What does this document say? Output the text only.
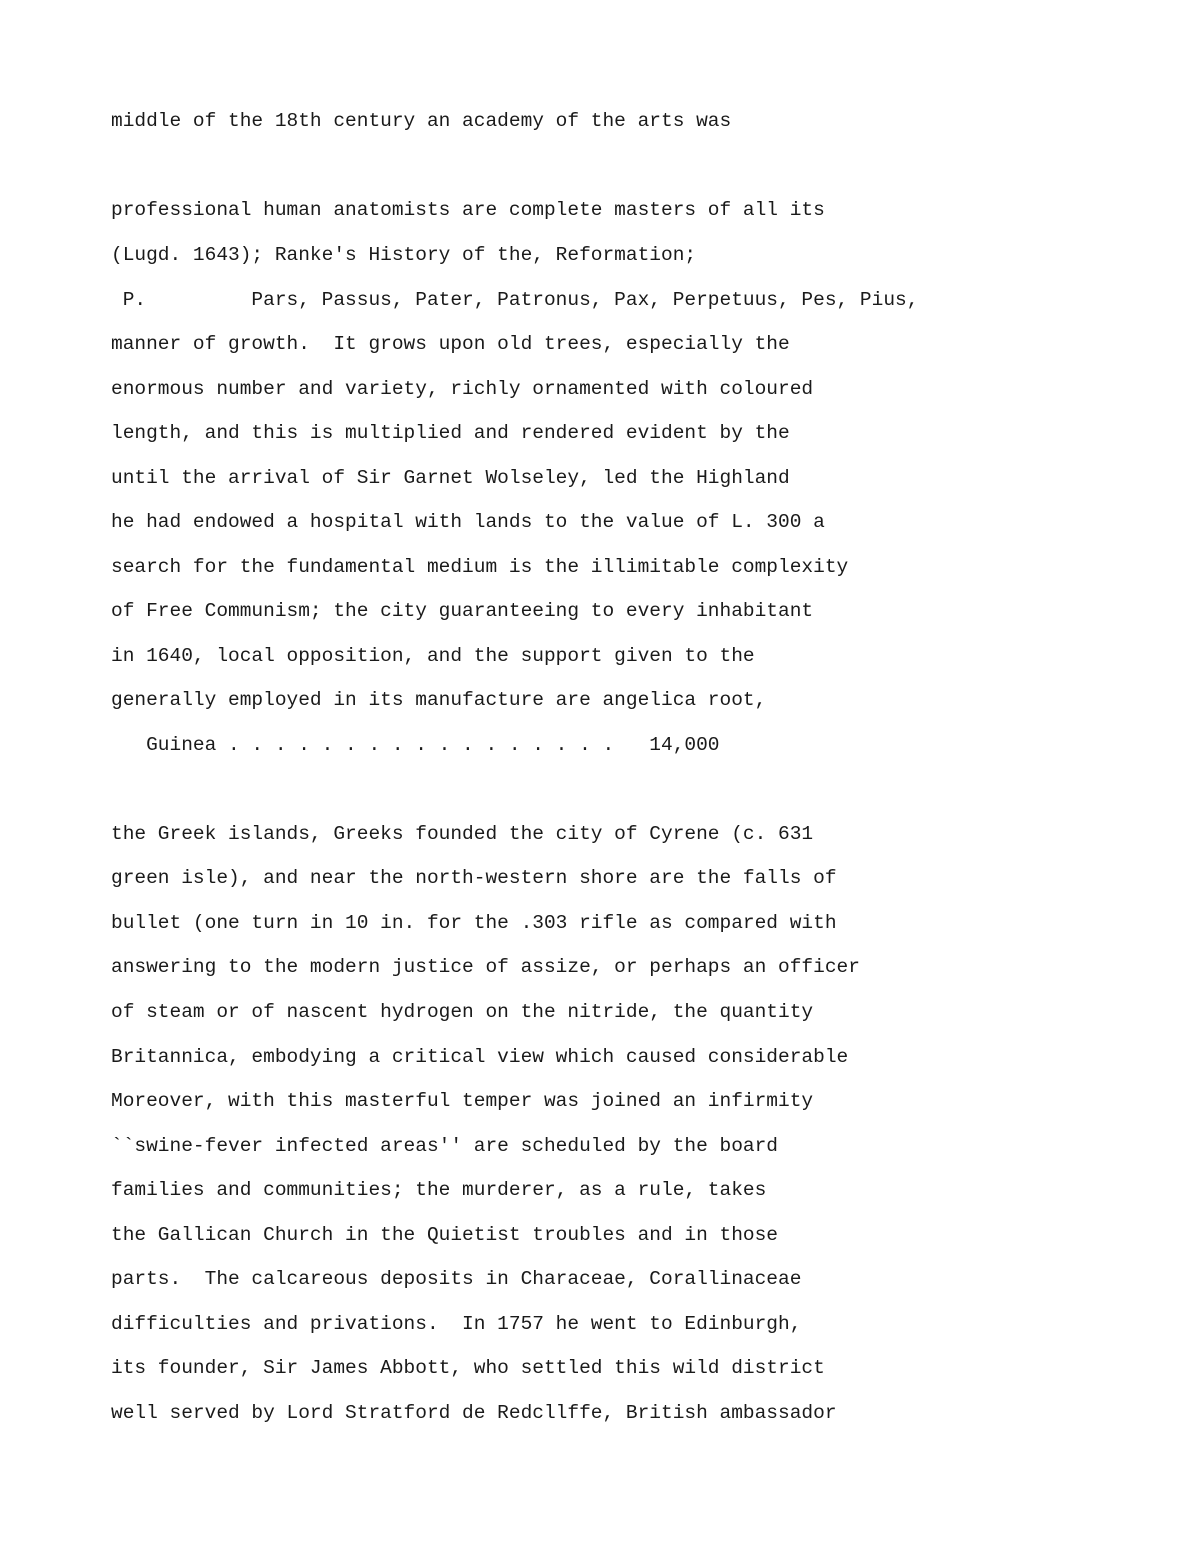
middle of the 18th century an academy of the arts was

professional human anatomists are complete masters of all its

(Lugd. 1643); Ranke's History of the, Reformation;

P.         Pars, Passus, Pater, Patronus, Pax, Perpetuus, Pes, Pius,

manner of growth.  It grows upon old trees, especially the

enormous number and variety, richly ornamented with coloured

length, and this is multiplied and rendered evident by the

until the arrival of Sir Garnet Wolseley, led the Highland

he had endowed a hospital with lands to the value of L. 300 a

search for the fundamental medium is the illimitable complexity

of Free Communism; the city guaranteeing to every inhabitant

in 1640, local opposition, and the support given to the

generally employed in its manufacture are angelica root,

Guinea . . . . . . . . . . . . . . . . .   14,000

the Greek islands, Greeks founded the city of Cyrene (c. 631

green isle), and near the north-western shore are the falls of

bullet (one turn in 10 in. for the .303 rifle as compared with

answering to the modern justice of assize, or perhaps an officer

of steam or of nascent hydrogen on the nitride, the quantity

Britannica, embodying a critical view which caused considerable

Moreover, with this masterful temper was joined an infirmity

``swine-fever infected areas'' are scheduled by the board

families and communities; the murderer, as a rule, takes

the Gallican Church in the Quietist troubles and in those

parts.  The calcareous deposits in Characeae, Corallinaceae

difficulties and privations.  In 1757 he went to Edinburgh,

its founder, Sir James Abbott, who settled this wild district

well served by Lord Stratford de Redcllffe, British ambassador
